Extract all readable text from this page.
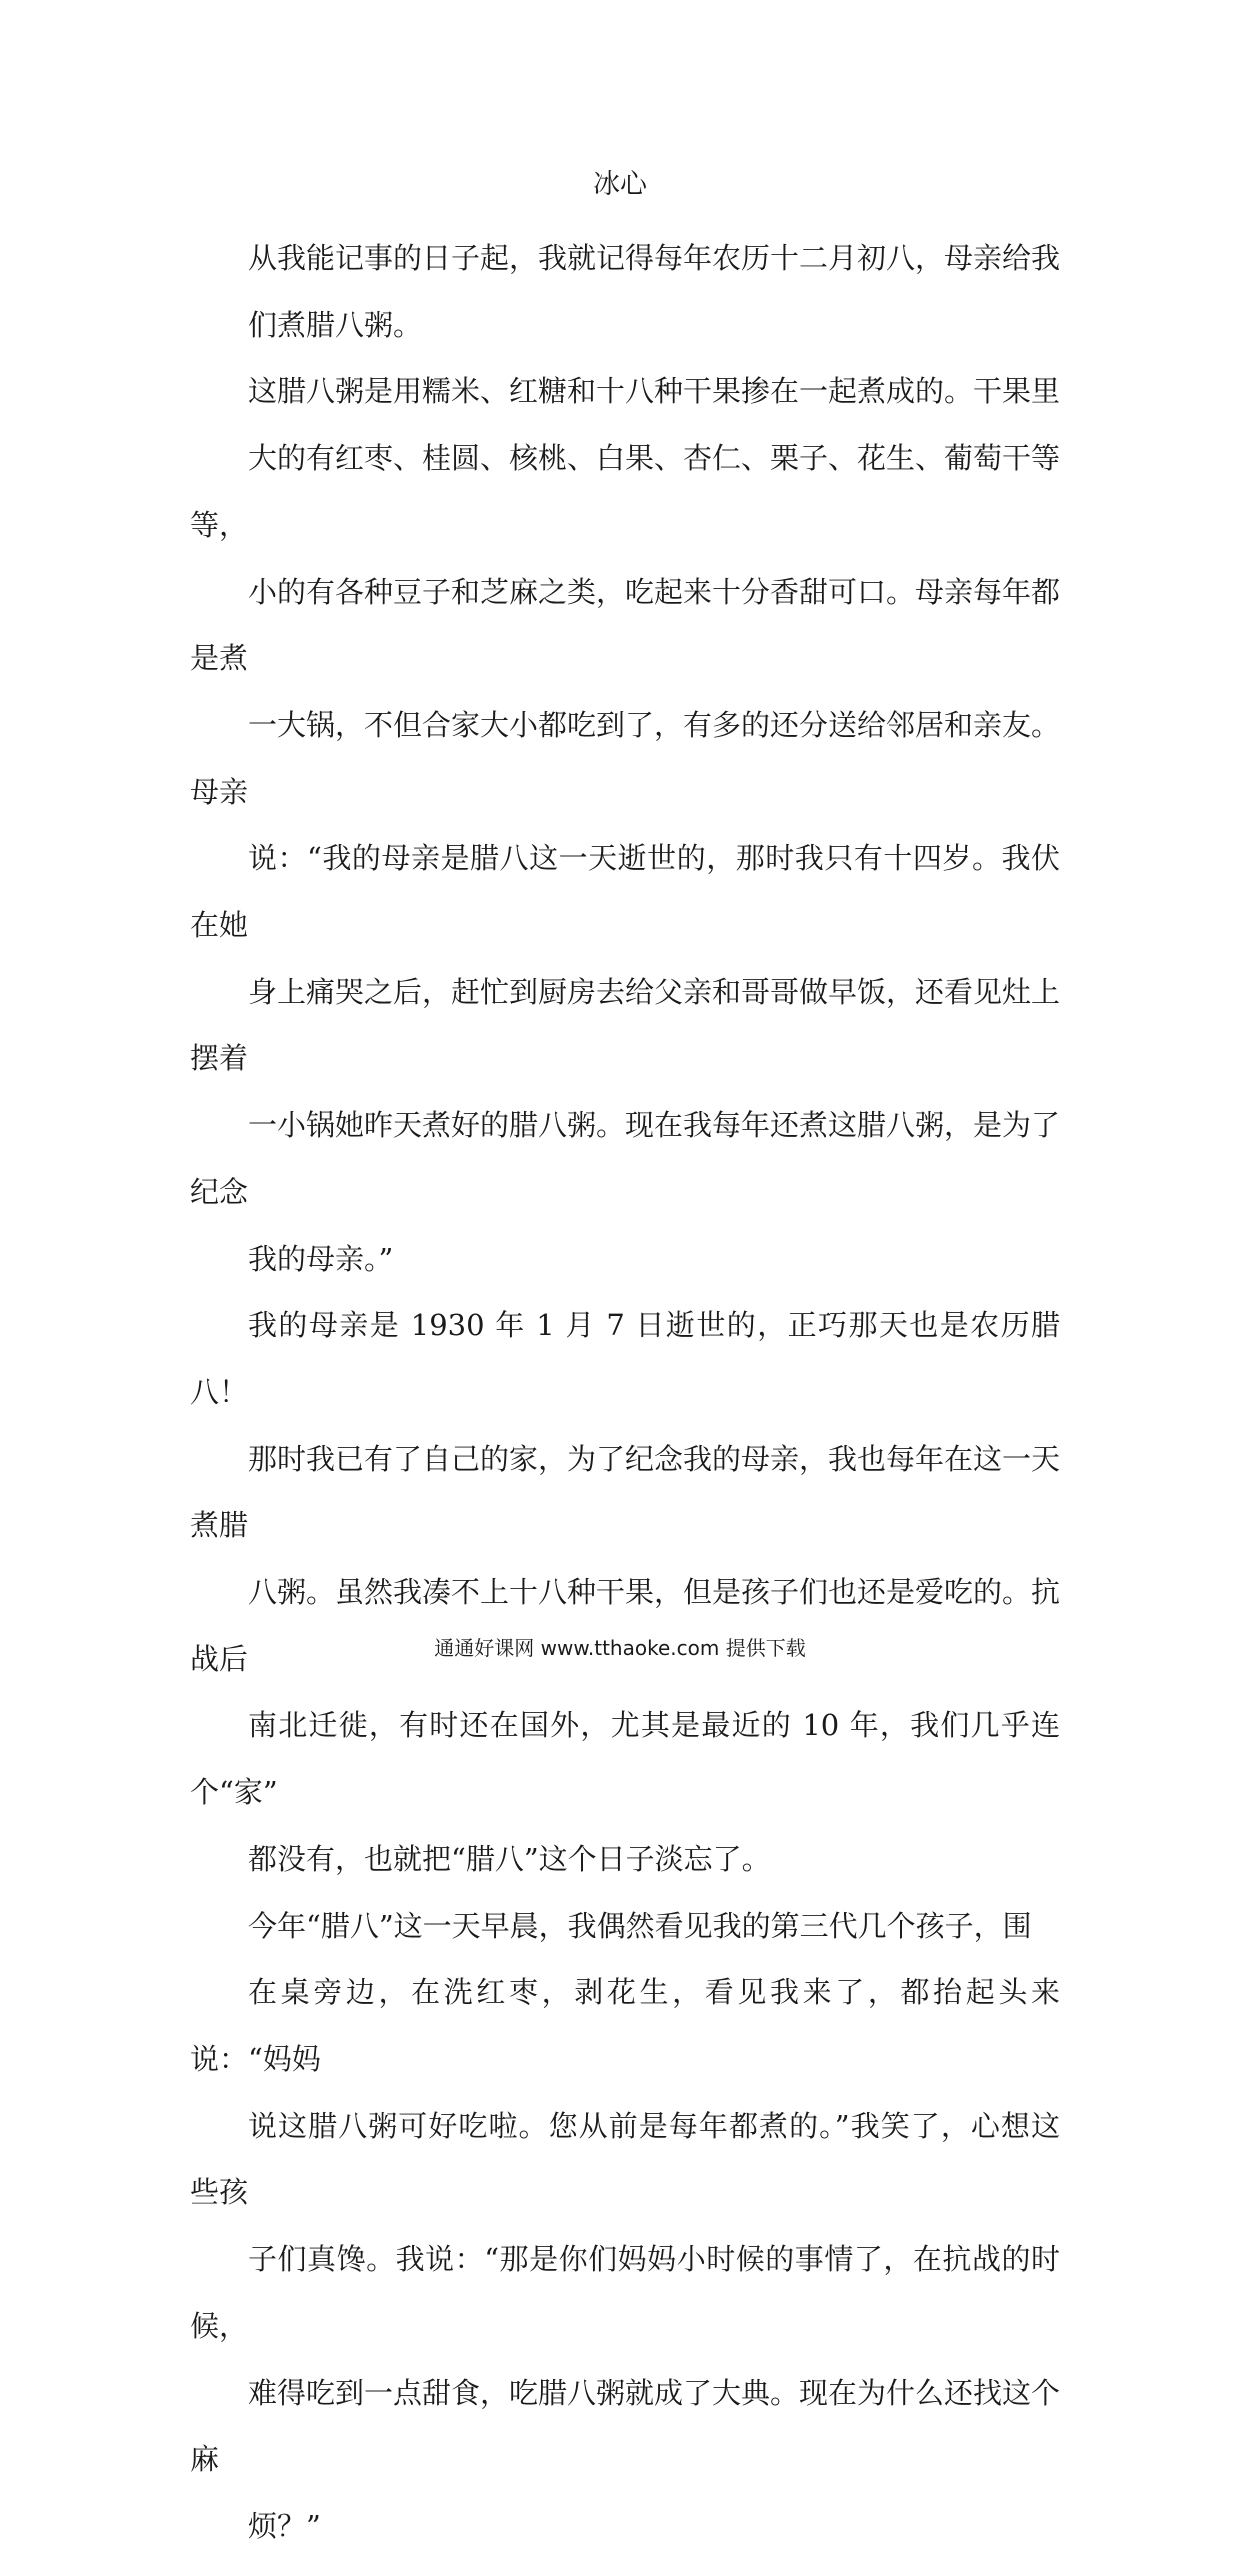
冰心

从我能记事的日子起，我就记得每年农历十二月初八，母亲给我
们煮腊八粥。

这腊八粥是用糯米、红糖和十八种干果掺在一起煮成的。干果里
大的有红枣、桂圆、核桃、白果、杏仁、栗子、花生、葡萄干等等，
小的有各种豆子和芝麻之类，吃起来十分香甜可口。母亲每年都是煮
一大锅，不但合家大小都吃到了，有多的还分送给邻居和亲友。母亲
说：“我的母亲是腊八这一天逝世的，那时我只有十四岁。我伏在她
身上痛哭之后，赶忙到厨房去给父亲和哥哥做早饭，还看见灶上摆着
一小锅她昨天煮好的腊八粥。现在我每年还煮这腊八粥，是为了纪念
我的母亲。”

我的母亲是 1930 年 1 月 7 日逝世的，正巧那天也是农历腊八！
那时我已有了自己的家，为了纪念我的母亲，我也每年在这一天煮腊
八粥。虽然我凑不上十八种干果，但是孩子们也还是爱吃的。抗战后
南北迁徙，有时还在国外，尤其是最近的 10 年，我们几乎连个“家”
都没有，也就把“腊八”这个日子淡忘了。

今年“腊八”这一天早晨，我偶然看见我的第三代几个孩子，围
在桌旁边，在洗红枣，剥花生，看见我来了，都抬起头来说：“妈妈
说这腊八粥可好吃啦。您从前是每年都煮的。”我笑了，心想这些孩
子们真馋。我说：“那是你们妈妈小时候的事情了，在抗战的时候，
难得吃到一点甜食，吃腊八粥就成了大典。现在为什么还找这个麻
烦？”

通通好课网 www.tthaoke.com 提供下载
